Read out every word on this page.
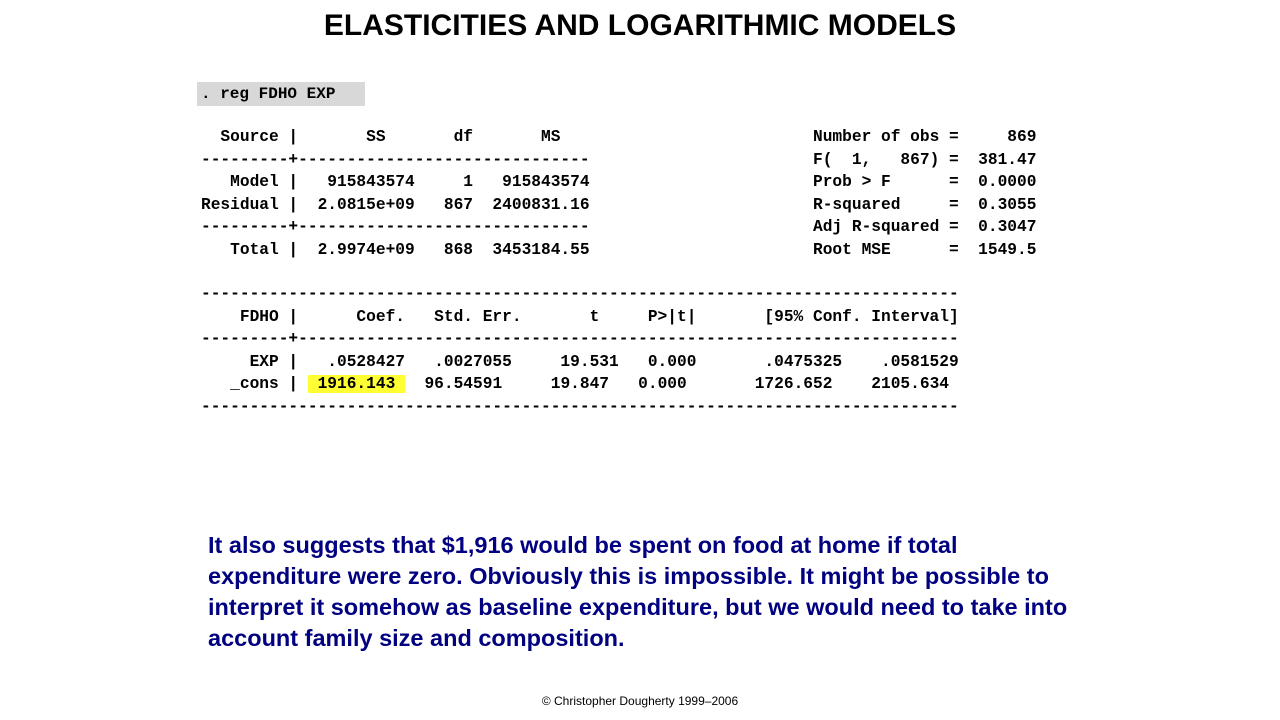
ELASTICITIES AND LOGARITHMIC MODELS
. reg FDHO EXP
Source |       SS       df       MS
---------+------------------------------
Model |   915843574     1   915843574
Residual |  2.0815e+09   867  2400831.16
---------+------------------------------
Total |  2.9974e+09   868  3453184.55
Number of obs =     869
F(  1,   867) =  381.47
Prob > F      =  0.0000
R-squared     =  0.3055
Adj R-squared =  0.3047
Root MSE      =  1549.5
------------------------------------------------------------------------------
FDHO |      Coef.   Std. Err.       t     P>|t|       [95% Conf. Interval]
---------+--------------------------------------------------------------------
EXP |   .0528427   .0027055     19.531   0.000       .0475325    .0581529
_cons |  1916.143   96.54591     19.847   0.000       1726.652    2105.634
------------------------------------------------------------------------------
It also suggests that $1,916 would be spent on food at home if total expenditure were zero. Obviously this is impossible. It might be possible to interpret it somehow as baseline expenditure, but we would need to take into account family size and composition.
© Christopher Dougherty 1999–2006
